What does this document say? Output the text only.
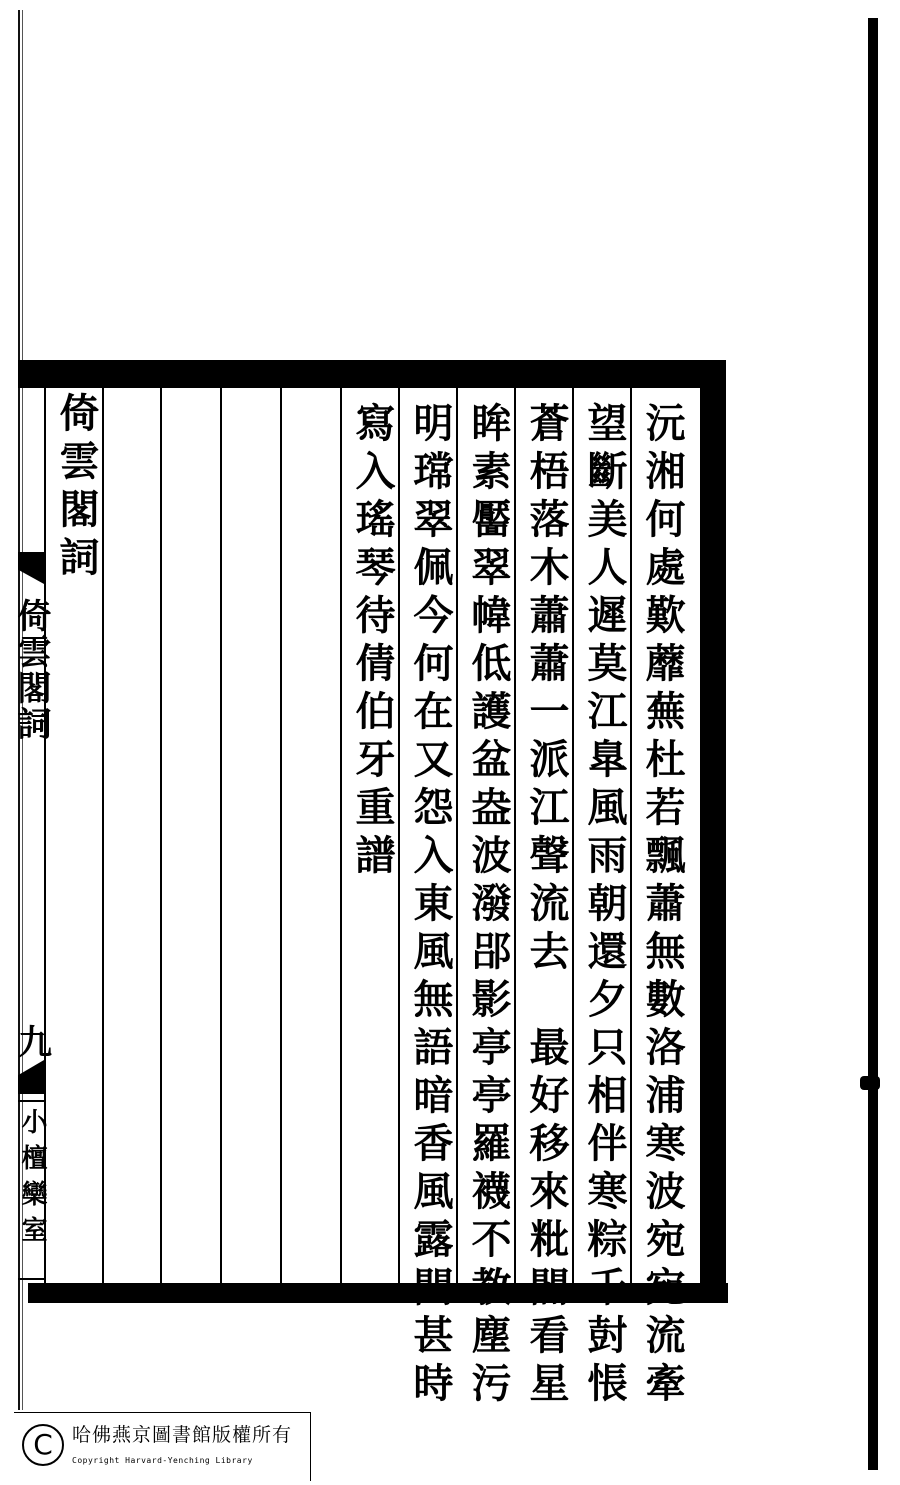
沅湘何處歎蘼蕪杜若飄蕭無數洛浦寒波宛宛流牽
望斷美人遲莫江臯風雨朝還夕只相伴寒粽千尌悵
蒼梧落木蕭蕭一派江聲流去　最好移來粃閣看星
眸素靨翠幃低護盆盎波潑郘影亭亭羅襪不教塵污
明瑺翠佩今何在又怨入東風無語暗香風露問甚時
寫入瑤琴待倩伯牙重譜
倚雲閣詞
倚雲閣詞
九
小檀欒室
C	哈佛燕京圖書館版權所有
Copyright Harvard-Yenching Library
